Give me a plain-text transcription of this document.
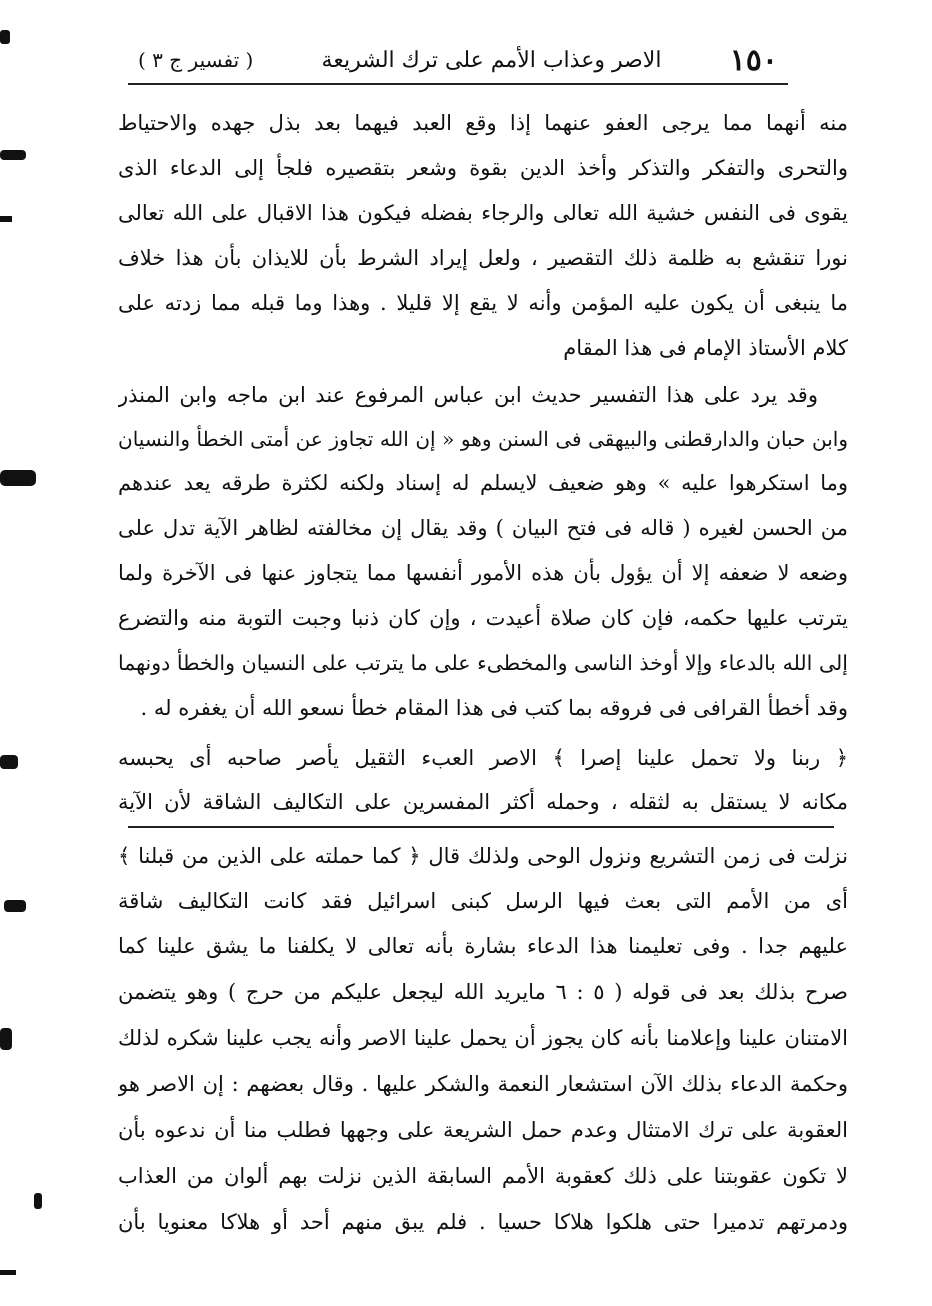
١٥٠
الاصر وعذاب الأمم على ترك الشريعة
( تفسير ج ٣ )
منه أنهما مما يرجى العفو عنهما إذا وقع العبد فيهما بعد بذل جهده والاحتياط
والتحرى والتفكر والتذكر وأخذ الدين بقوة وشعر بتقصيره فلجأ إلى الدعاء الذى
يقوى فى النفس خشية الله تعالى والرجاء بفضله فيكون هذا الاقبال على الله تعالى
نورا تنقشع به ظلمة ذلك التقصير ، ولعل إيراد الشرط بأن للايذان بأن هذا خلاف
ما ينبغى أن يكون عليه المؤمن وأنه لا يقع إلا قليلا . وهذا وما قبله مما زدته على
كلام الأستاذ الإمام فى هذا المقام
وقد يرد على هذا التفسير حديث ابن عباس المرفوع عند ابن ماجه وابن المنذر
وابن حبان والدارقطنى والبيهقى فى السنن وهو « إن الله تجاوز عن أمتى الخطأ والنسيان
وما استكرهوا عليه » وهو ضعيف لايسلم له إسناد ولكنه لكثرة طرقه يعد عندهم
من الحسن لغيره ( قاله فى فتح البيان ) وقد يقال إن مخالفته لظاهر الآية تدل على
وضعه لا ضعفه إلا أن يؤول بأن هذه الأمور أنفسها مما يتجاوز عنها فى الآخرة ولما
يترتب عليها حكمه، فإن كان صلاة أعيدت ، وإن كان ذنبا وجبت التوبة منه والتضرع
إلى الله بالدعاء وإلا أوخذ الناسى والمخطىء على ما يترتب على النسيان والخطأ دونهما
وقد أخطأ القرافى فى فروقه بما كتب فى هذا المقام خطأ نسعو الله أن يغفره له .
﴿ ربنا ولا تحمل علينا إصرا ﴾ الاصر العبء الثقيل يأصر صاحبه أى يحبسه
مكانه لا يستقل به لثقله ، وحمله أكثر المفسرين على التكاليف الشاقة لأن الآية
نزلت فى زمن التشريع ونزول الوحى ولذلك قال ﴿ كما حملته على الذين من قبلنا ﴾
أى من الأمم التى بعث فيها الرسل كبنى اسرائيل فقد كانت التكاليف شاقة
عليهم جدا . وفى تعليمنا هذا الدعاء بشارة بأنه تعالى لا يكلفنا ما يشق علينا كما
صرح بذلك بعد فى قوله ( ٥ : ٦ مايريد الله ليجعل عليكم من حرج ) وهو يتضمن
الامتنان علينا وإعلامنا بأنه كان يجوز أن يحمل علينا الاصر وأنه يجب علينا شكره لذلك
وحكمة الدعاء بذلك الآن استشعار النعمة والشكر عليها . وقال بعضهم : إن الاصر هو
العقوبة على ترك الامتثال وعدم حمل الشريعة على وجهها فطلب منا أن ندعوه بأن
لا تكون عقوبتنا على ذلك كعقوبة الأمم السابقة الذين نزلت بهم ألوان من العذاب
ودمرتهم تدميرا حتى هلكوا هلاكا حسيا . فلم يبق منهم أحد أو هلاكا معنويا بأن
